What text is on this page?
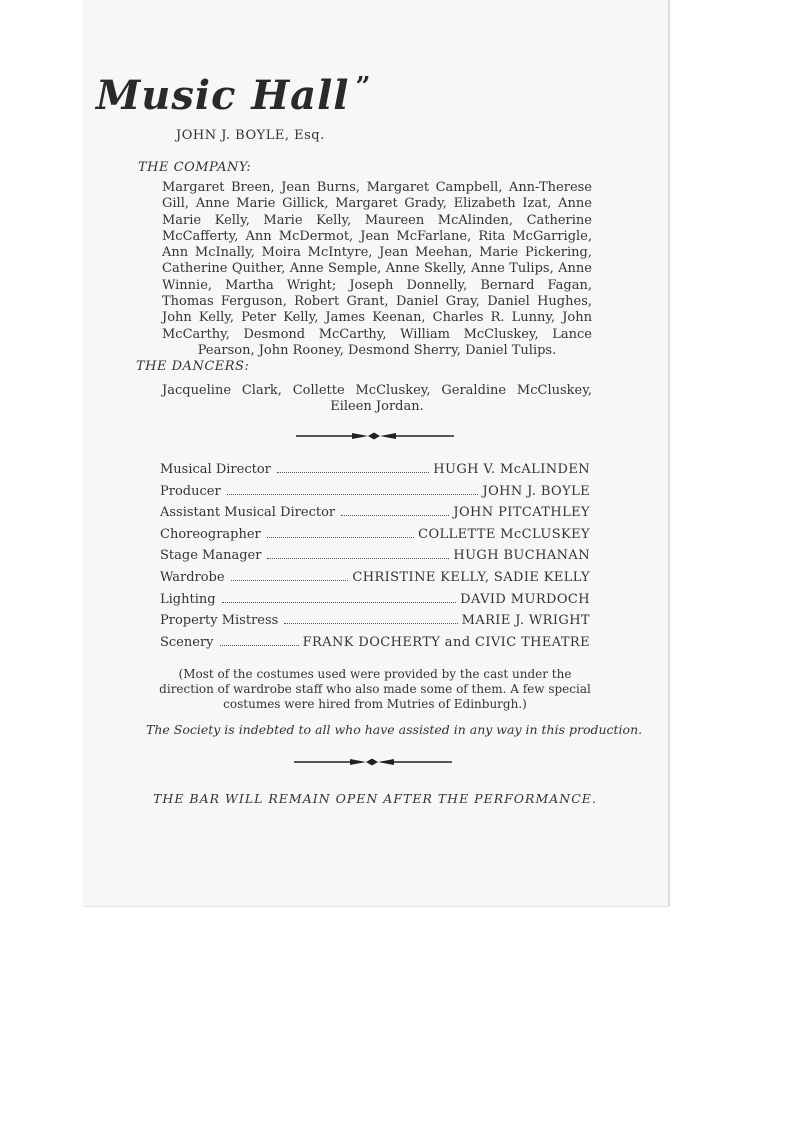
Music Hall ”
JOHN J. BOYLE, Esq.
THE COMPANY:
Margaret Breen, Jean Burns, Margaret Campbell, Ann-Therese Gill, Anne Marie Gillick, Margaret Grady, Elizabeth Izat, Anne Marie Kelly, Marie Kelly, Maureen McAlinden, Catherine McCafferty, Ann McDermot, Jean McFarlane, Rita McGarrigle, Ann McInally, Moira McIntyre, Jean Meehan, Marie Pickering, Catherine Quither, Anne Semple, Anne Skelly, Anne Tulips, Anne Winnie, Martha Wright; Joseph Donnelly, Bernard Fagan, Thomas Ferguson, Robert Grant, Daniel Gray, Daniel Hughes, John Kelly, Peter Kelly, James Keenan, Charles R. Lunny, John McCarthy, Desmond McCarthy, William McCluskey, Lance Pearson, John Rooney, Desmond Sherry, Daniel Tulips.
THE DANCERS:
Jacqueline Clark, Collette McCluskey, Geraldine McCluskey, Eileen Jordan.
Musical Director	HUGH V. McALINDEN
Producer	JOHN J. BOYLE
Assistant Musical Director	JOHN PITCATHLEY
Choreographer	COLLETTE McCLUSKEY
Stage Manager	HUGH BUCHANAN
Wardrobe	CHRISTINE KELLY, SADIE KELLY
Lighting	DAVID MURDOCH
Property Mistress	MARIE J. WRIGHT
Scenery	FRANK DOCHERTY and CIVIC THEATRE
(Most of the costumes used were provided by the cast under the direction of wardrobe staff who also made some of them. A few special costumes were hired from Mutries of Edinburgh.)
The Society is indebted to all who have assisted in any way in this production.
THE BAR WILL REMAIN OPEN AFTER THE PERFORMANCE.
